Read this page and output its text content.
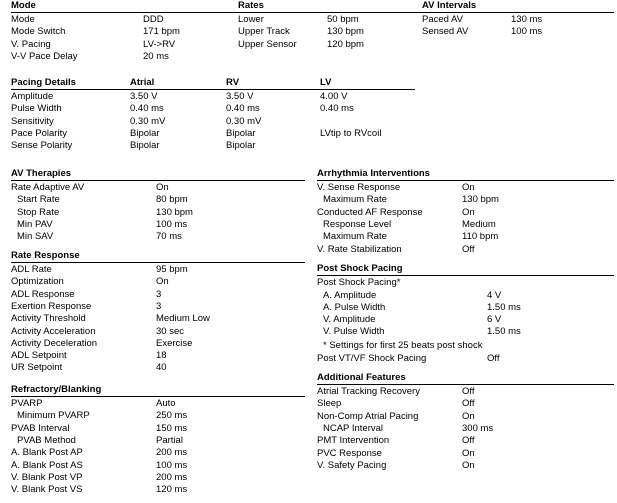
Mode	Rates	AV Intervals
Mode	DDD
Mode Switch	171 bpm
V. Pacing	LV->RV
V-V Pace Delay	20 ms
Lower	50 bpm
Upper Track	130 bpm
Upper Sensor	120 bpm
Paced AV	130 ms
Sensed AV	100 ms
Pacing Details	Atrial	RV	LV
Amplitude	3.50 V	3.50 V	4.00 V
Pulse Width	0.40 ms	0.40 ms	0.40 ms
Sensitivity	0.30 mV	0.30 mV
Pace Polarity	Bipolar	Bipolar	LVtip to RVcoil
Sense Polarity	Bipolar	Bipolar
AV Therapies
Rate Adaptive AV	On
Start Rate	80 bpm
Stop Rate	130 bpm
Min PAV	100 ms
Min SAV	70 ms
Rate Response
ADL Rate	95 bpm
Optimization	On
ADL Response	3
Exertion Response	3
Activity Threshold	Medium Low
Activity Acceleration	30 sec
Activity Deceleration	Exercise
ADL Setpoint	18
UR Setpoint	40
Refractory/Blanking
PVARP	Auto
Minimum PVARP	250 ms
PVAB Interval	150 ms
PVAB Method	Partial
A. Blank Post AP	200 ms
A. Blank Post AS	100 ms
V. Blank Post VP	200 ms
V. Blank Post VS	120 ms
Arrhythmia Interventions
V. Sense Response	On
Maximum Rate	130 bpm
Conducted AF Response	On
Response Level	Medium
Maximum Rate	110 bpm
V. Rate Stabilization	Off
Post Shock Pacing
Post Shock Pacing*
A. Amplitude	4 V
A. Pulse Width	1.50 ms
V. Amplitude	6 V
V. Pulse Width	1.50 ms
* Settings for first 25 beats post shock
Post VT/VF Shock Pacing	Off
Additional Features
Atrial Tracking Recovery	Off
Sleep	Off
Non-Comp Atrial Pacing	On
NCAP Interval	300 ms
PMT Intervention	Off
PVC Response	On
V. Safety Pacing	On
